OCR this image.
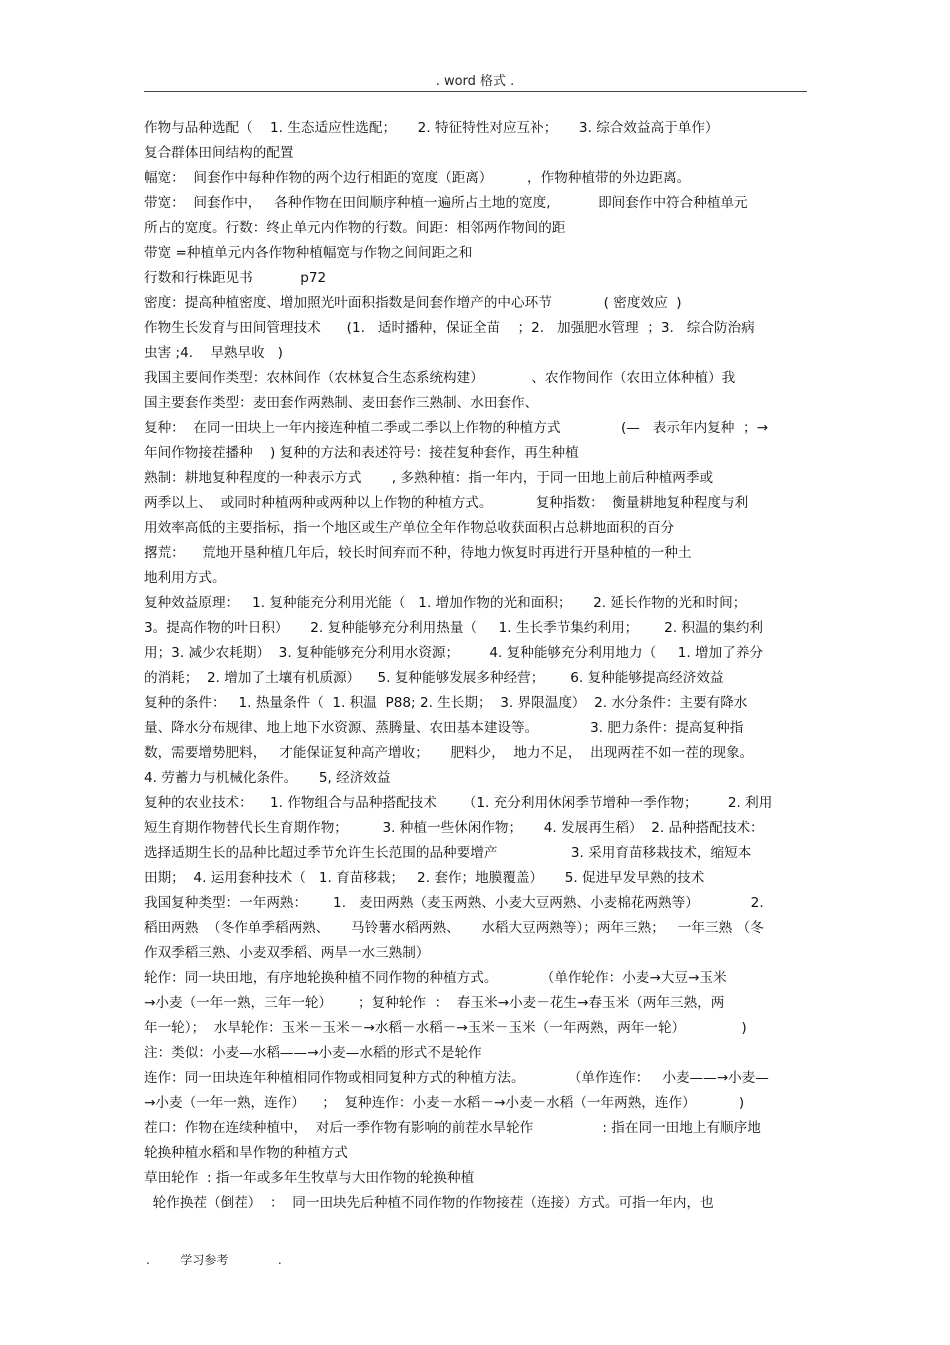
. word 格式 .
作物与品种选配（    1. 生态适应性选配；     2. 特征特性对应互补；     3. 综合效益高于单作）
复合群体田间结构的配置
幅宽：  间套作中每种作物的两个边行相距的宽度（距离）        ，作物种植带的外边距离。
带宽：  间套作中，   各种作物在田间顺序种植一遍所占土地的宽度,           即间套作中符合种植单元
所占的宽度。行数：终止单元内作物的行数。间距：相邻两作物间的距
带宽 =种植单元内各作物种植幅宽与作物之间间距之和
行数和行株距见书           p72
密度：提高种植密度、增加照光叶面积指数是间套作增产的中心环节            ( 密度效应  )
作物生长发育与田间管理技术      (1.   适时播种，保证全苗    ；2.   加强肥水管理  ；3.   综合防治病
虫害 ;4.    早熟早收   )
我国主要间作类型：农林间作（农林复合生态系统构建）           、农作物间作（农田立体种植）我
国主要套作类型：麦田套作两熟制、麦田套作三熟制、水田套作、
复种：  在同一田块上一年内接连种植二季或二季以上作物的种植方式              (—   表示年内复种  ；→
年间作物接茬播种    ) 复种的方法和表述符号：接茬复种套作，再生种植
熟制：耕地复种程度的一种表示方式       , 多熟种植：指一年内，于同一田地上前后种植两季或
两季以上、  或同时种植两种或两种以上作物的种植方式。          复种指数：  衡量耕地复种程度与利
用效率高低的主要指标，指一个地区或生产单位全年作物总收获面积占总耕地面积的百分
撂荒：    荒地开垦种植几年后，较长时间弃而不种，待地力恢复时再进行开垦种植的一种土
地利用方式。
复种效益原理：   1. 复种能充分利用光能（   1. 增加作物的光和面积；     2. 延长作物的光和时间；
3。提高作物的叶日积）     2. 复种能够充分利用热量（     1. 生长季节集约利用；      2. 积温的集约利
用；3. 减少农耗期）  3. 复种能够充分利用水资源；       4. 复种能够充分利用地力（     1. 增加了养分
的消耗；  2. 增加了土壤有机质源）    5. 复种能够发展多种经营；      6. 复种能够提高经济效益
复种的条件：   1. 热量条件（  1. 积温  P88; 2. 生长期；  3. 界限温度）  2. 水分条件：主要有降水
量、降水分布规律、地上地下水资源、蒸腾量、农田基本建设等。            3. 肥力条件：提高复种指
数，需要增势肥料，   才能保证复种高产增收；     肥料少，  地力不足，  出现两茬不如一茬的现象。
4. 劳蓄力与机械化条件。     5, 经济效益
复种的农业技术：    1. 作物组合与品种搭配技术      （1. 充分利用休闲季节增种一季作物；       2. 利用
短生育期作物替代长生育期作物；        3. 种植一些休闲作物；     4. 发展再生稻）  2. 品种搭配技术：
选择适期生长的品种比超过季节允许生长范围的品种要增产                 3. 采用育苗移栽技术，缩短本
田期；  4. 运用套种技术（   1. 育苗移栽；   2. 套作；地膜覆盖）     5. 促进早发早熟的技术
我国复种类型：一年两熟：      1.   麦田两熟（麦玉两熟、小麦大豆两熟、小麦棉花两熟等）            2.
稻田两熟  （冬作单季稻两熟、     马铃薯水稻两熟、     水稻大豆两熟等）；两年三熟；   一年三熟 （冬
作双季稻三熟、小麦双季稻、两旱一水三熟制）
轮作：同一块田地，有序地轮换种植不同作物的种植方式。          （单作轮作：小麦→大豆→玉米
→小麦（一年一熟，三年一轮）      ；复种轮作  ：  春玉米→小麦－花生→春玉米（两年三熟，两
年一轮）；  水旱轮作：玉米－玉米－→水稻－水稻－→玉米－玉米（一年两熟，两年一轮）             )
注：类似：小麦—水稻——→小麦—水稻的形式不是轮作
连作：同一田块连年种植相同作物或相同复种方式的种植方法。          （单作连作：   小麦——→小麦—
→小麦（一年一熟，连作）    ；  复种连作：小麦－水稻－→小麦－水稻（一年两熟，连作）          )
茬口：作物在连续种植中，  对后一季作物有影响的前茬水旱轮作                : 指在同一田地上有顺序地
轮换种植水稻和旱作物的种植方式
草田轮作  : 指一年或多年生牧草与大田作物的轮换种植
轮作换茬（倒茬）  ：  同一田块先后种植不同作物的作物接茬（连接）方式。可指一年内，也
.        学习参考             .
